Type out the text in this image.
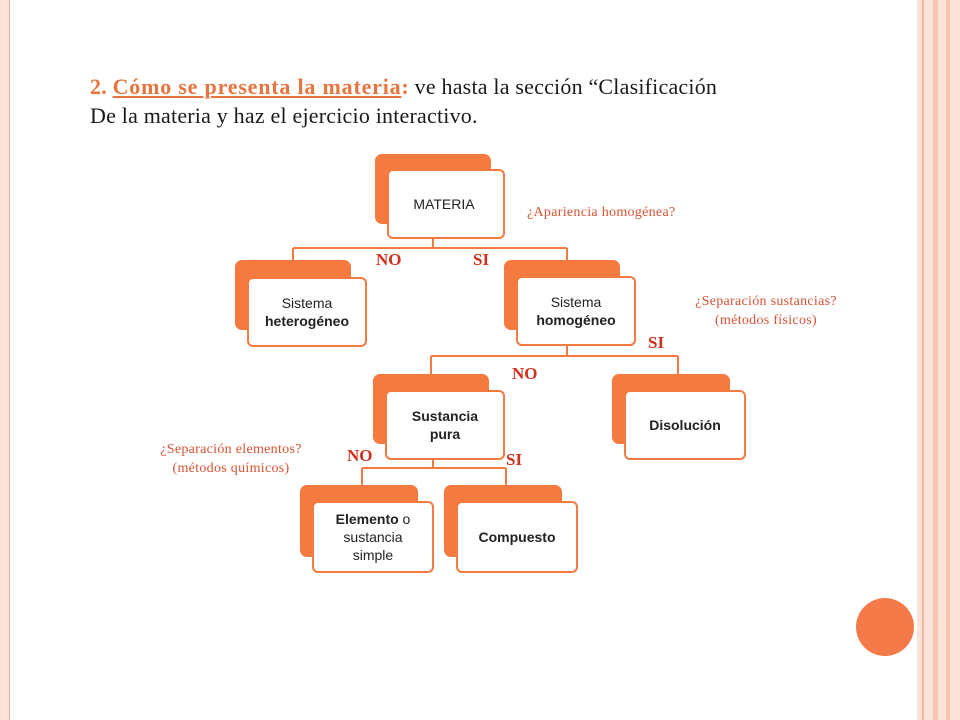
2. Cómo se presenta la materia: ve hasta la sección “Clasificación
De la materia y haz el ejercicio interactivo.
MATERIA
Sistema
heterogéneo
Sistema
homogéneo
Sustancia
pura
Disolución
Elemento o
sustancia
simple
Compuesto
NO	SI
SI
NO
NO	SI
¿Apariencia homogénea?
¿Separación sustancias?
(métodos físicos)
¿Separación elementos?
(métodos químicos)
